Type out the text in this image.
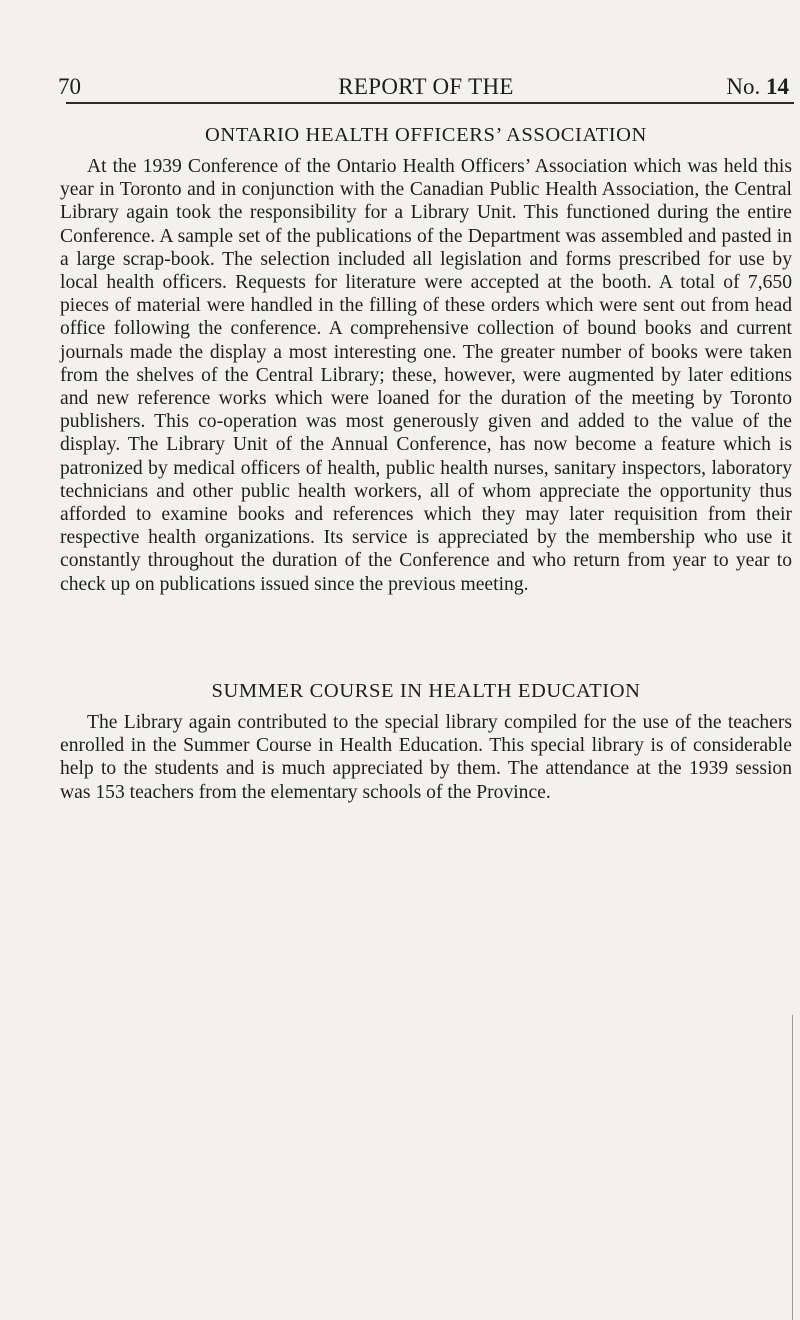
70	REPORT OF THE	No. 14
ONTARIO HEALTH OFFICERS’ ASSOCIATION

At the 1939 Conference of the Ontario Health Officers’ Association which was held this year in Toronto and in conjunction with the Canadian Public Health Association, the Central Library again took the responsibility for a Library Unit. This functioned during the entire Conference. A sample set of the publications of the Department was assembled and pasted in a large scrap-book. The selection included all legislation and forms prescribed for use by local health officers. Requests for literature were accepted at the booth. A total of 7,650 pieces of material were handled in the filling of these orders which were sent out from head office following the conference. A comprehensive collection of bound books and current journals made the display a most interesting one. The greater number of books were taken from the shelves of the Central Library; these, however, were augmented by later editions and new reference works which were loaned for the duration of the meeting by Toronto publishers. This co-operation was most generously given and added to the value of the display. The Library Unit of the Annual Conference, has now become a feature which is patronized by medical officers of health, public health nurses, sanitary inspectors, laboratory technicians and other public health workers, all of whom appreciate the opportunity thus afforded to examine books and references which they may later requisition from their respective health organizations. Its service is appreciated by the membership who use it constantly throughout the duration of the Conference and who return from year to year to check up on publications issued since the previous meeting.

SUMMER COURSE IN HEALTH EDUCATION

The Library again contributed to the special library compiled for the use of the teachers enrolled in the Summer Course in Health Education. This special library is of considerable help to the students and is much appreciated by them. The attendance at the 1939 session was 153 teachers from the elementary schools of the Province.
